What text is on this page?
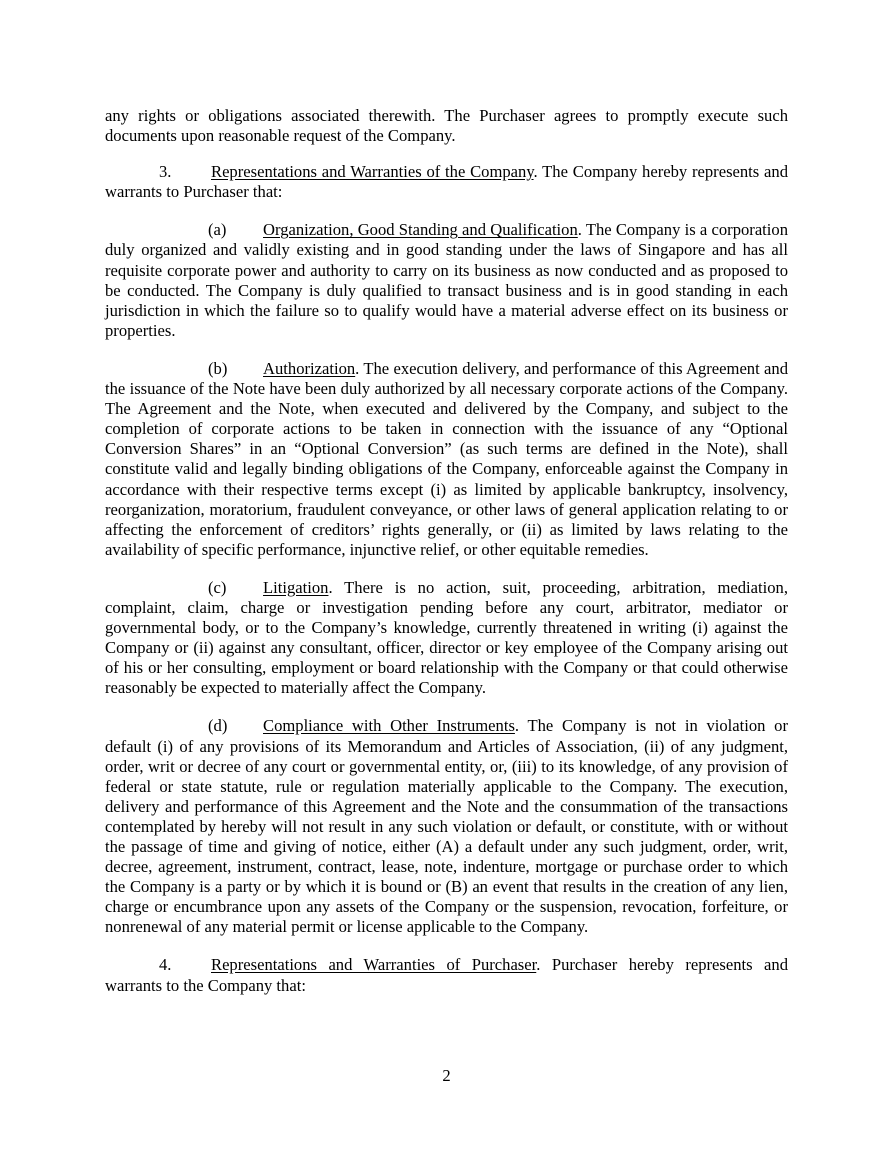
any rights or obligations associated therewith. The Purchaser agrees to promptly execute such documents upon reasonable request of the Company.

3. Representations and Warranties of the Company. The Company hereby represents and warrants to Purchaser that:

(a) Organization, Good Standing and Qualification. The Company is a corporation duly organized and validly existing and in good standing under the laws of Singapore and has all requisite corporate power and authority to carry on its business as now conducted and as proposed to be conducted. The Company is duly qualified to transact business and is in good standing in each jurisdiction in which the failure so to qualify would have a material adverse effect on its business or properties.

(b) Authorization. The execution delivery, and performance of this Agreement and the issuance of the Note have been duly authorized by all necessary corporate actions of the Company. The Agreement and the Note, when executed and delivered by the Company, and subject to the completion of corporate actions to be taken in connection with the issuance of any “Optional Conversion Shares” in an “Optional Conversion” (as such terms are defined in the Note), shall constitute valid and legally binding obligations of the Company, enforceable against the Company in accordance with their respective terms except (i) as limited by applicable bankruptcy, insolvency, reorganization, moratorium, fraudulent conveyance, or other laws of general application relating to or affecting the enforcement of creditors’ rights generally, or (ii) as limited by laws relating to the availability of specific performance, injunctive relief, or other equitable remedies.

(c) Litigation. There is no action, suit, proceeding, arbitration, mediation, complaint, claim, charge or investigation pending before any court, arbitrator, mediator or governmental body, or to the Company’s knowledge, currently threatened in writing (i) against the Company or (ii) against any consultant, officer, director or key employee of the Company arising out of his or her consulting, employment or board relationship with the Company or that could otherwise reasonably be expected to materially affect the Company.

(d) Compliance with Other Instruments. The Company is not in violation or default (i) of any provisions of its Memorandum and Articles of Association, (ii) of any judgment, order, writ or decree of any court or governmental entity, or, (iii) to its knowledge, of any provision of federal or state statute, rule or regulation materially applicable to the Company. The execution, delivery and performance of this Agreement and the Note and the consummation of the transactions contemplated by hereby will not result in any such violation or default, or constitute, with or without the passage of time and giving of notice, either (A) a default under any such judgment, order, writ, decree, agreement, instrument, contract, lease, note, indenture, mortgage or purchase order to which the Company is a party or by which it is bound or (B) an event that results in the creation of any lien, charge or encumbrance upon any assets of the Company or the suspension, revocation, forfeiture, or nonrenewal of any material permit or license applicable to the Company.

4. Representations and Warranties of Purchaser. Purchaser hereby represents and warrants to the Company that:

2
